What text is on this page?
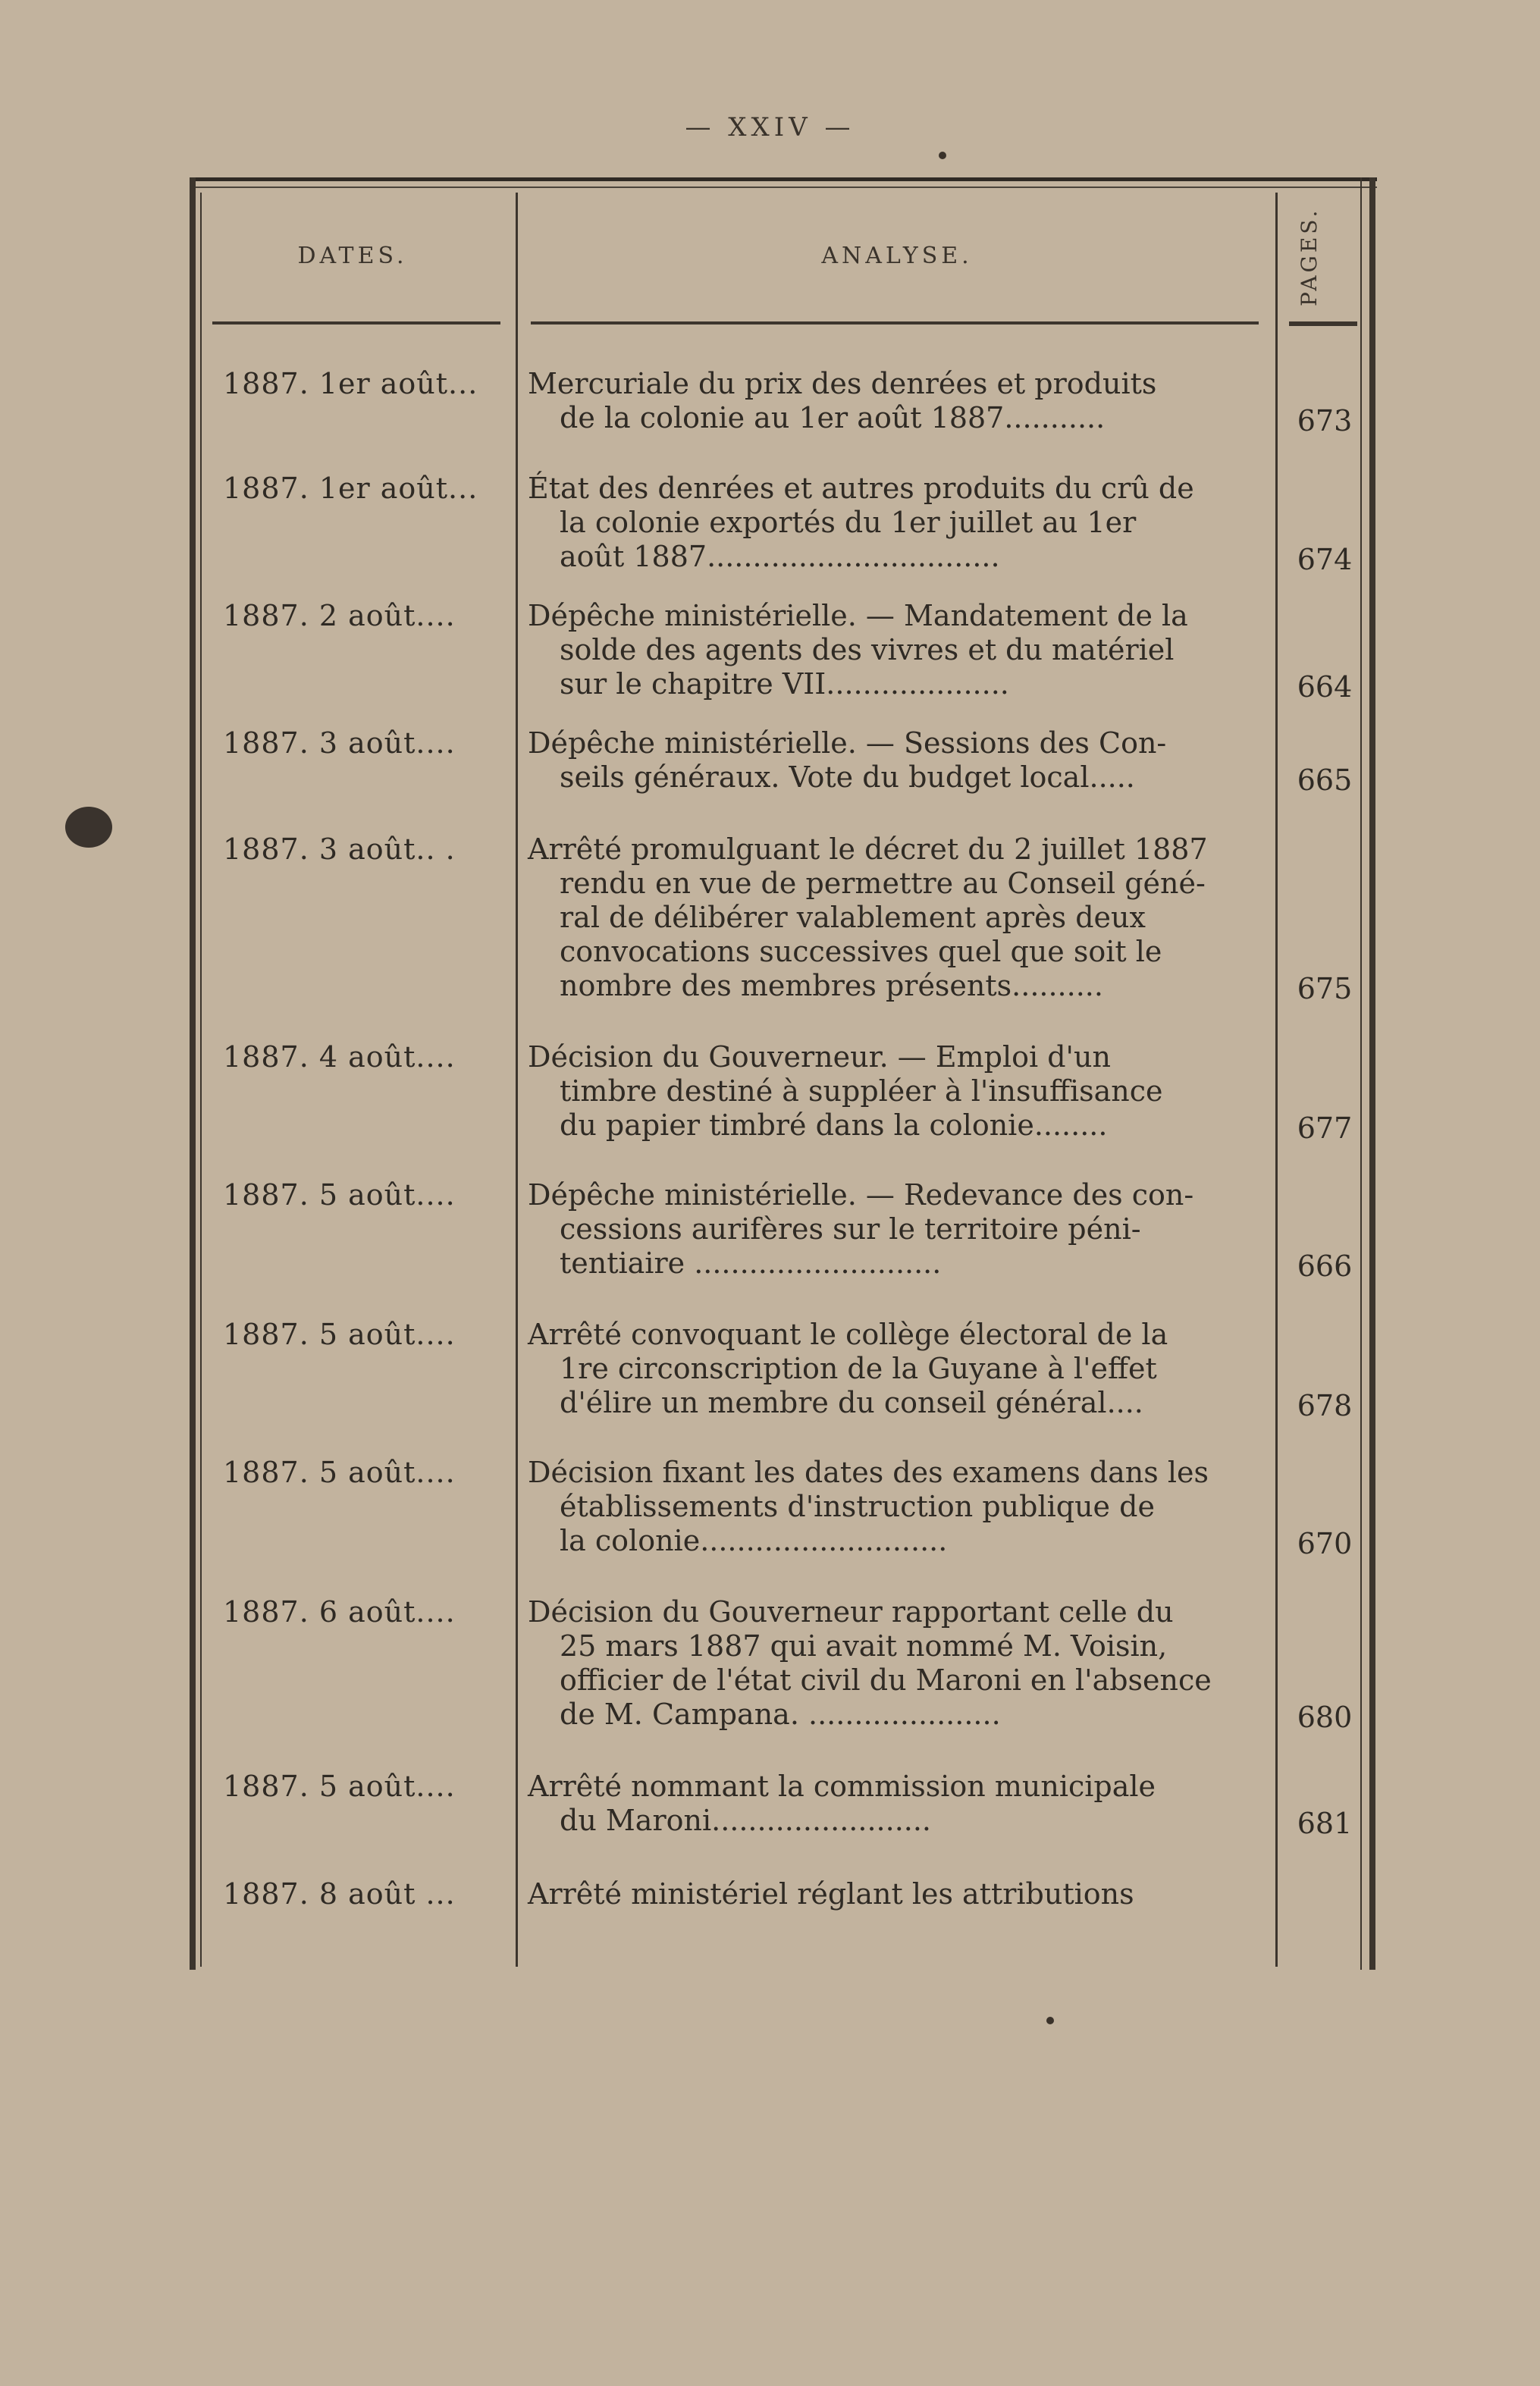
— XXIV —
DATES.	ANALYSE.	PAGES.
1887. 1er août...	Mercuriale du prix des denrées et produits
de la colonie au 1er août 1887...........	673
1887. 1er août...	État des denrées et autres produits du crû de
la colonie exportés du 1er juillet au 1er
août 1887................................	674
1887. 2 août....	Dépêche ministérielle. — Mandatement de la
solde des agents des vivres et du matériel
sur le chapitre VII....................	664
1887. 3 août....	Dépêche ministérielle. — Sessions des Con-
seils généraux. Vote du budget local.....	665
1887. 3 août.. .	Arrêté promulguant le décret du 2 juillet 1887
rendu en vue de permettre au Conseil géné-
ral de délibérer valablement après deux
convocations successives quel que soit le
nombre des membres présents..........	675
1887. 4 août....	Décision du Gouverneur. — Emploi d'un
timbre destiné à suppléer à l'insuffisance
du papier timbré dans la colonie........	677
1887. 5 août....	Dépêche ministérielle. — Redevance des con-
cessions aurifères sur le territoire péni-
tentiaire ...........................	666
1887. 5 août....	Arrêté convoquant le collège électoral de la
1re circonscription de la Guyane à l'effet
d'élire un membre du conseil général....	678
1887. 5 août....	Décision fixant les dates des examens dans les
établissements d'instruction publique de
la colonie...........................	670
1887. 6 août....	Décision du Gouverneur rapportant celle du
25 mars 1887 qui avait nommé M. Voisin,
officier de l'état civil du Maroni en l'absence
de M. Campana. .....................	680
1887. 5 août....	Arrêté nommant la commission municipale
du Maroni........................	681
1887. 8 août ...	Arrêté ministériel réglant les attributions
